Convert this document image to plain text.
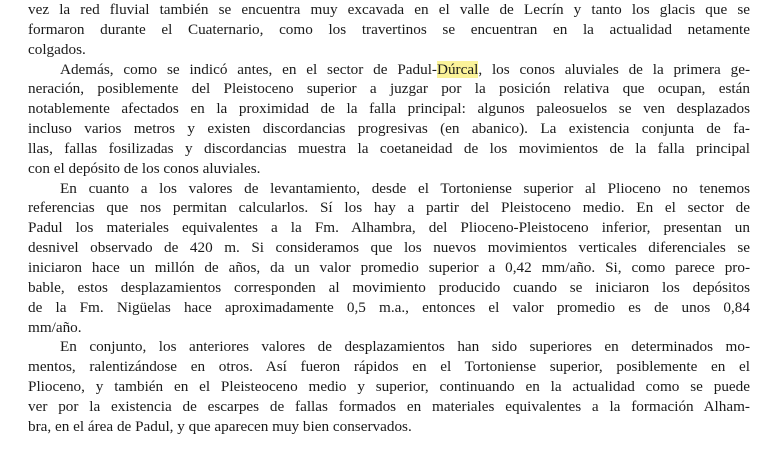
vez la red fluvial también se encuentra muy excavada en el valle de Lecrín y tanto los glacis que se
formaron durante el Cuaternario, como los travertinos se encuentran en la actualidad netamente
colgados.
Además, como se indicó antes, en el sector de Padul-Dúrcal, los conos aluviales de la primera ge-
neración, posiblemente del Pleistoceno superior a juzgar por la posición relativa que ocupan, están
notablemente afectados en la proximidad de la falla principal: algunos paleosuelos se ven desplazados
incluso varios metros y existen discordancias progresivas (en abanico). La existencia conjunta de fa-
llas, fallas fosilizadas y discordancias muestra la coetaneidad de los movimientos de la falla principal
con el depósito de los conos aluviales.
En cuanto a los valores de levantamiento, desde el Tortoniense superior al Plioceno no tenemos
referencias que nos permitan calcularlos. Sí los hay a partir del Pleistoceno medio. En el sector de
Padul los materiales equivalentes a la Fm. Alhambra, del Plioceno-Pleistoceno inferior, presentan un
desnivel observado de 420 m. Si consideramos que los nuevos movimientos verticales diferenciales se
iniciaron hace un millón de años, da un valor promedio superior a 0,42 mm/año. Si, como parece pro-
bable, estos desplazamientos corresponden al movimiento producido cuando se iniciaron los depósitos
de la Fm. Nigüelas hace aproximadamente 0,5 m.a., entonces el valor promedio es de unos 0,84
mm/año.
En conjunto, los anteriores valores de desplazamientos han sido superiores en determinados mo-
mentos, ralentizándose en otros. Así fueron rápidos en el Tortoniense superior, posiblemente en el
Plioceno, y también en el Pleisteoceno medio y superior, continuando en la actualidad como se puede
ver por la existencia de escarpes de fallas formados en materiales equivalentes a la formación Alham-
bra, en el área de Padul, y que aparecen muy bien conservados.
